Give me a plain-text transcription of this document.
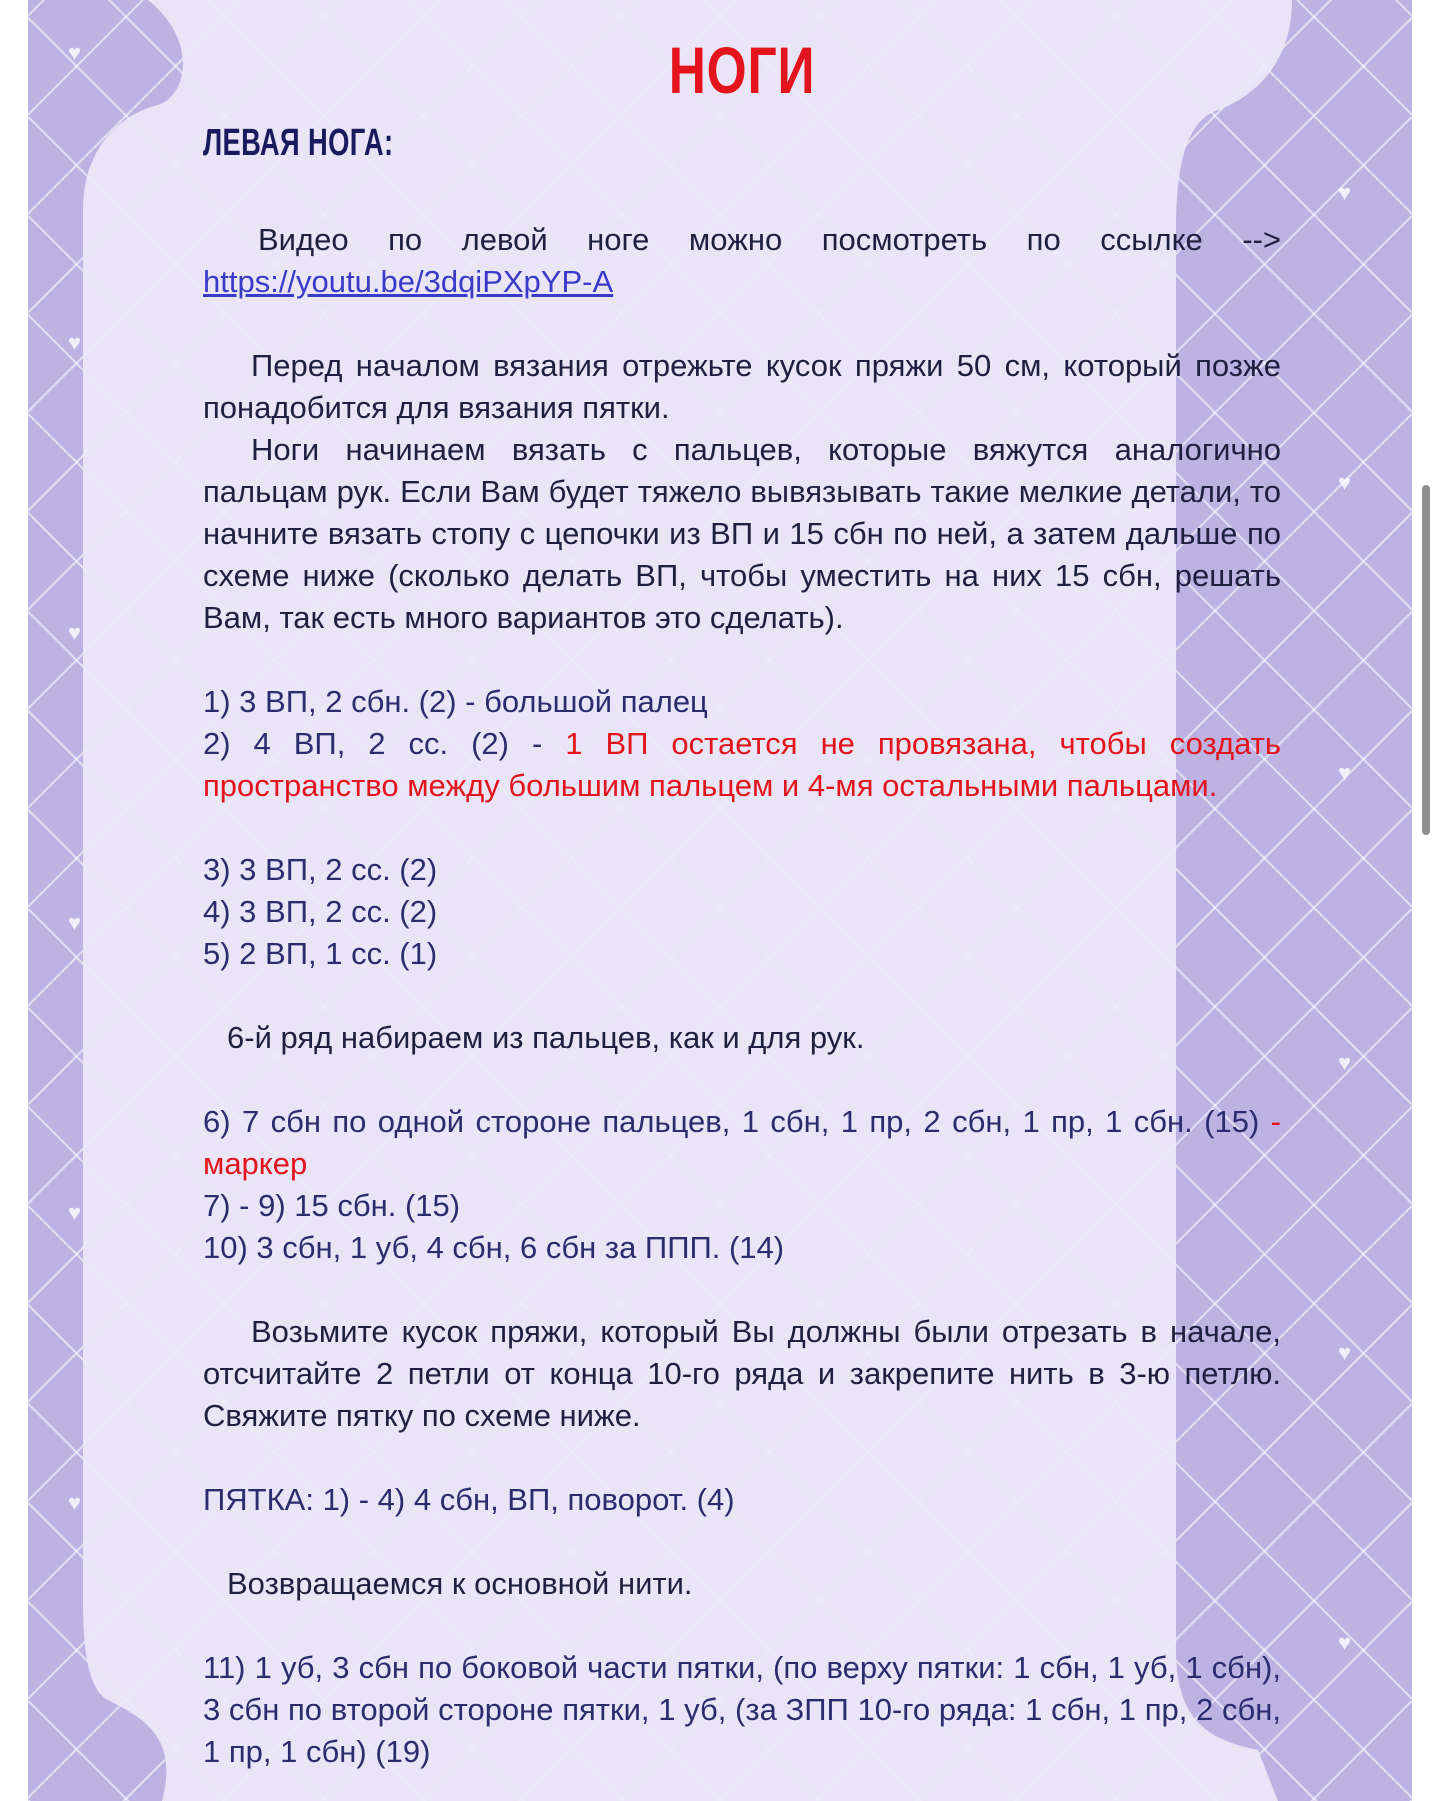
♥
♥
♥
♥
♥
♥
♥
♥
♥
♥
♥
♥
НОГИ
ЛЕВАЯ НОГА:
Видео по левой ноге можно посмотреть по ссылке -->
https://youtu.be/3dqiPXpYP-A
Перед началом вязания отрежьте кусок пряжи 50 см, который позже понадобится для вязания пятки.
Ноги начинаем вязать с пальцев, которые вяжутся аналогично пальцам рук. Если Вам будет тяжело вывязывать такие мелкие детали, то начните вязать стопу с цепочки из ВП и 15 сбн по ней, а затем дальше по схеме ниже (сколько делать ВП, чтобы уместить на них 15 сбн, решать Вам, так есть много вариантов это сделать).
1) 3 ВП, 2 сбн. (2) - большой палец
2) 4 ВП, 2 сс. (2) - 1 ВП остается не провязана, чтобы создать пространство между большим пальцем и 4-мя остальными пальцами.
3) 3 ВП, 2 сс. (2)
4) 3 ВП, 2 сс. (2)
5) 2 ВП, 1 сс. (1)
6-й ряд набираем из пальцев, как и для рук.
6) 7 сбн по одной стороне пальцев, 1 сбн, 1 пр, 2 сбн, 1 пр, 1 сбн. (15) - маркер
7) - 9) 15 сбн. (15)
10) 3 сбн, 1 уб, 4 сбн, 6 сбн за ППП. (14)
Возьмите кусок пряжи, который Вы должны были отрезать в начале, отсчитайте 2 петли от конца 10-го ряда и закрепите нить в 3-ю петлю. Свяжите пятку по схеме ниже.
ПЯТКА: 1) - 4) 4 сбн, ВП, поворот. (4)
Возвращаемся к основной нити.
11) 1 уб, 3 сбн по боковой части пятки, (по верху пятки: 1 сбн, 1 уб, 1 сбн), 3 сбн по второй стороне пятки, 1 уб, (за ЗПП 10-го ряда: 1 сбн, 1 пр, 2 сбн, 1 пр, 1 сбн) (19)
